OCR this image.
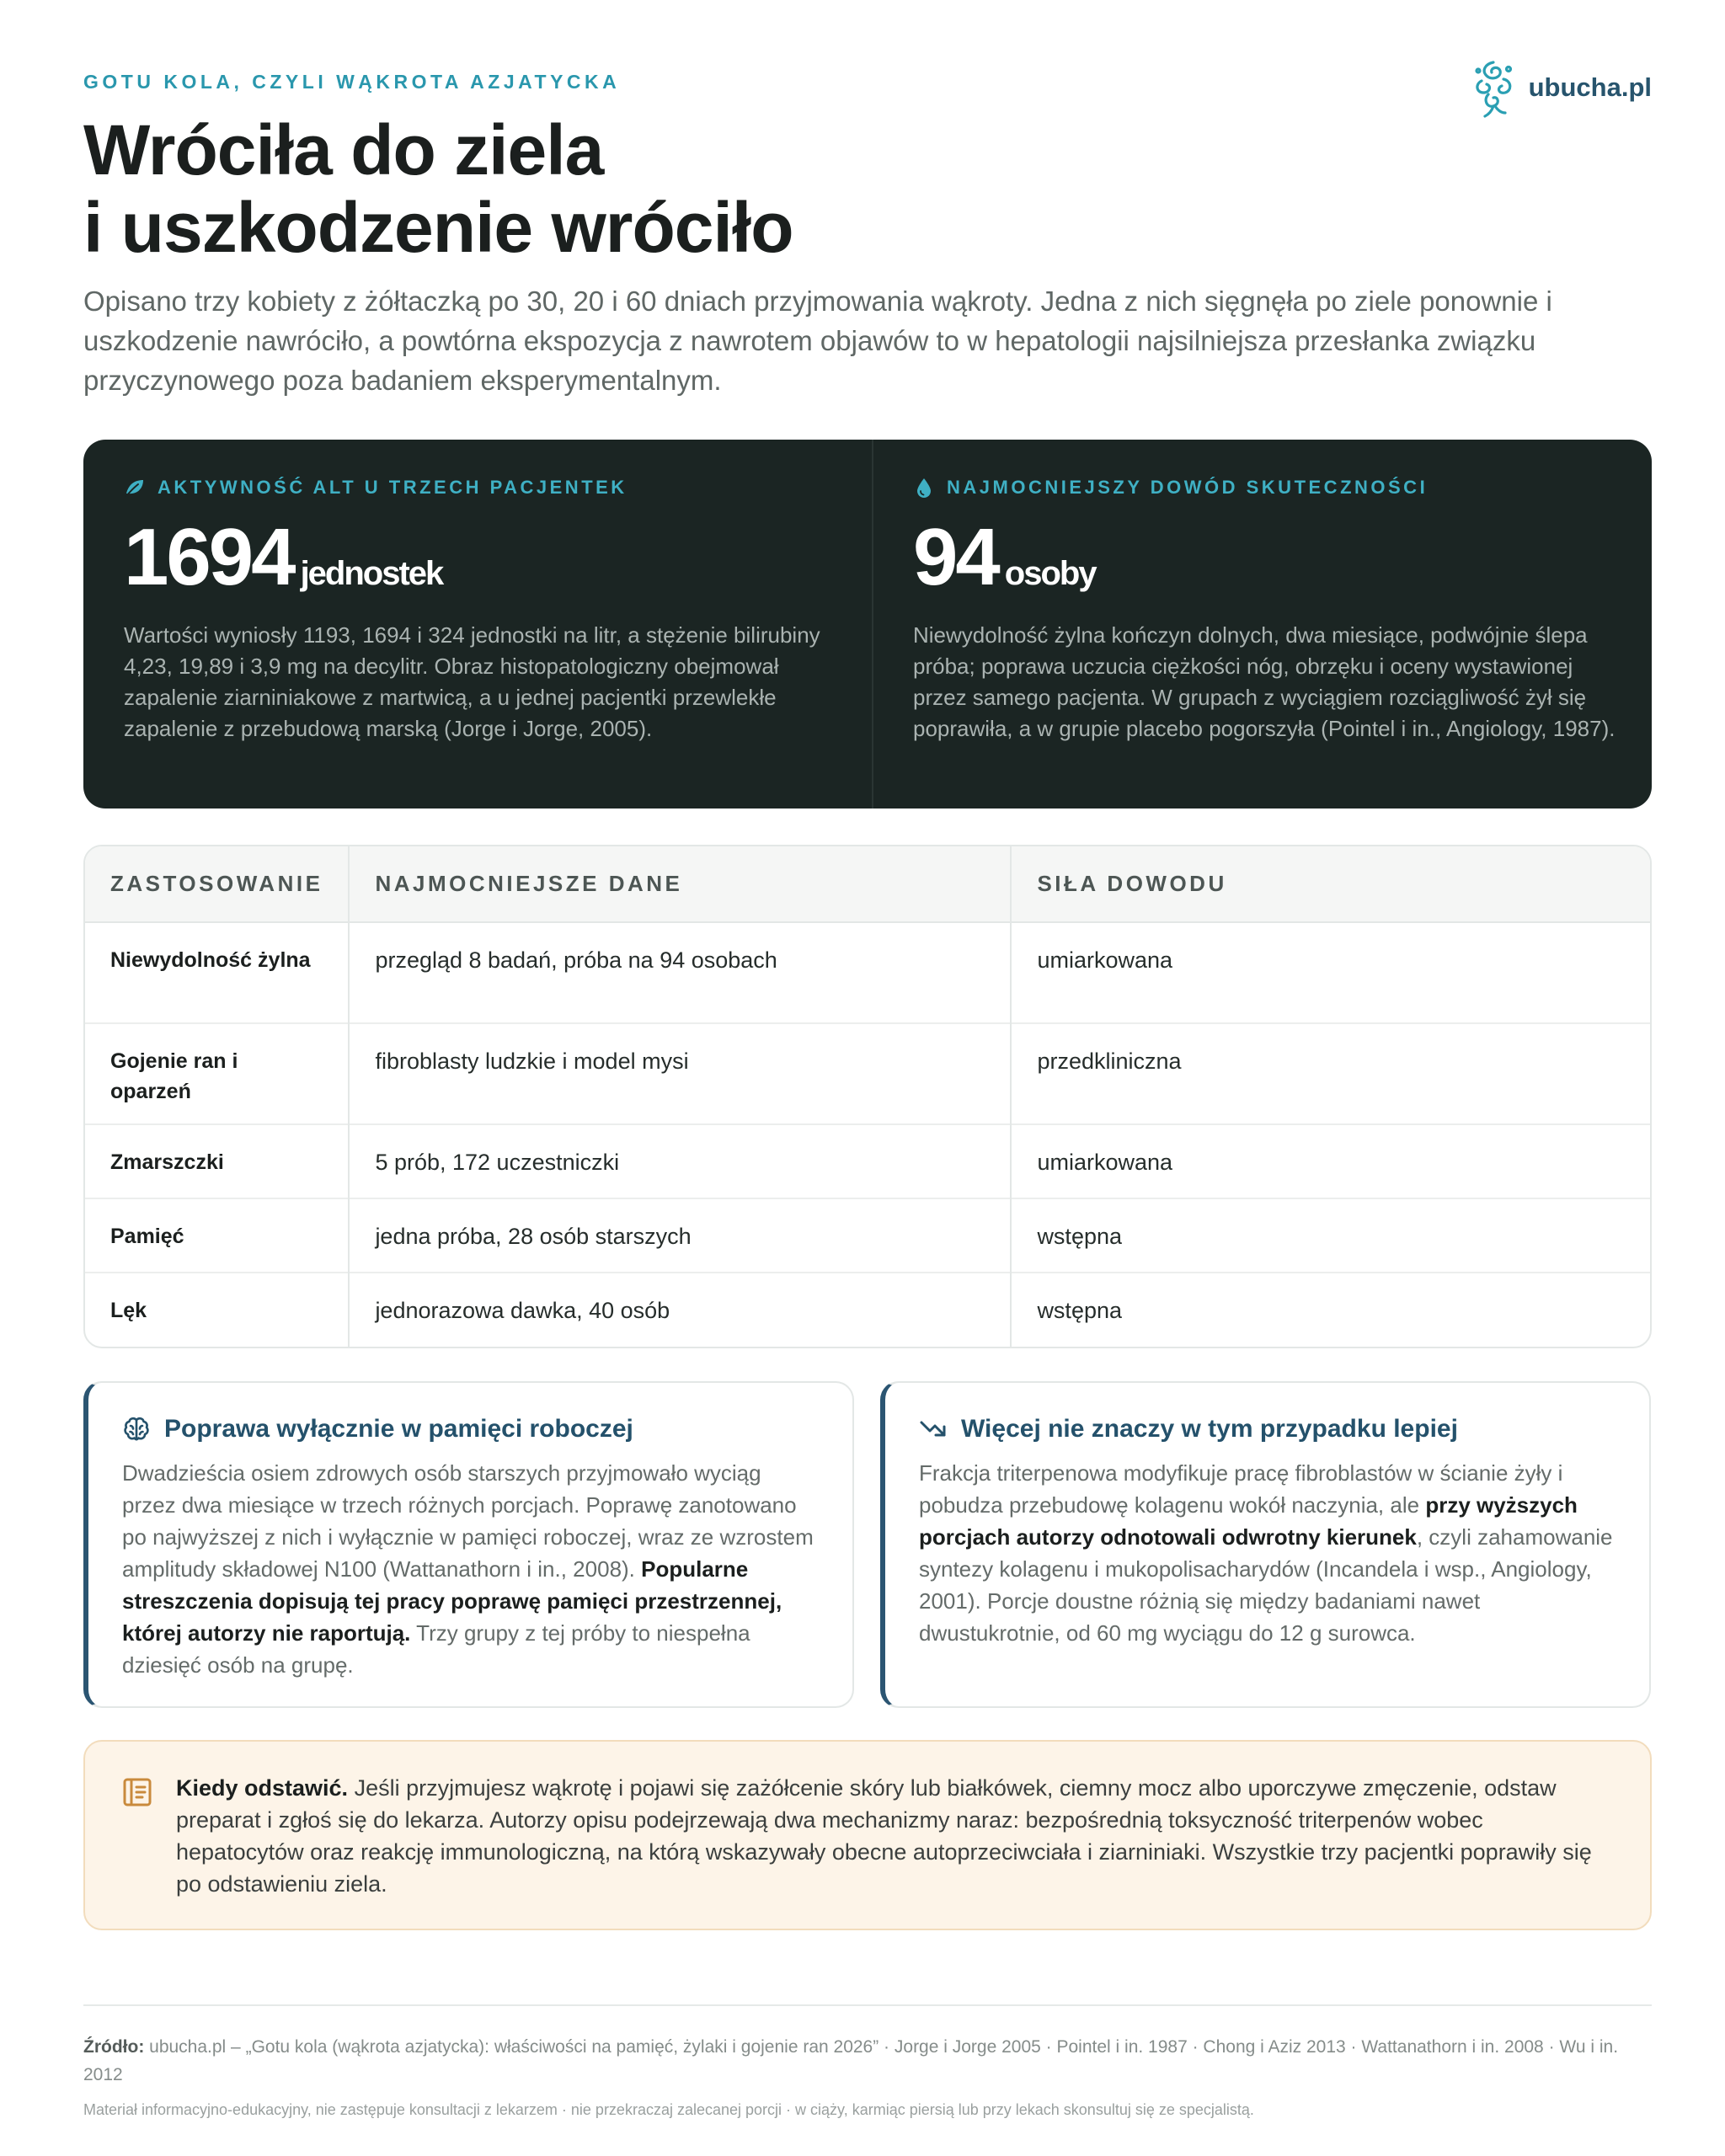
GOTU KOLA, CZYLI WĄKROTA AZJATYCKA	ubucha.pl
Wróciła do ziela
i uszkodzenie wróciło

Opisano trzy kobiety z żółtaczką po 30, 20 i 60 dniach przyjmowania wąkroty. Jedna z nich sięgnęła po ziele ponownie i uszkodzenie nawróciło, a powtórna ekspozycja z nawrotem objawów to w hepatologii najsilniejsza przesłanka związku przyczynowego poza badaniem eksperymentalnym.

AKTYWNOŚĆ ALT U TRZECH PACJENTEK
1694 jednostek

Wartości wyniosły 1193, 1694 i 324 jednostki na litr, a stężenie bilirubiny 4,23, 19,89 i 3,9 mg na decylitr. Obraz histopatologiczny obejmował zapalenie ziarniniakowe z martwicą, a u jednej pacjentki przewlekłe zapalenie z przebudową marską (Jorge i Jorge, 2005).

NAJMOCNIEJSZY DOWÓD SKUTECZNOŚCI
94 osoby

Niewydolność żylna kończyn dolnych, dwa miesiące, podwójnie ślepa próba; poprawa uczucia ciężkości nóg, obrzęku i oceny wystawionej przez samego pacjenta. W grupach z wyciągiem rozciągliwość żył się poprawiła, a w grupie placebo pogorszyła (Pointel i in., Angiology, 1987).

ZASTOSOWANIE	NAJMOCNIEJSZE DANE	SIŁA DOWODU
Niewydolność żylna	przegląd 8 badań, próba na 94 osobach	umiarkowana
Gojenie ran i oparzeń	fibroblasty ludzkie i model mysi	przedkliniczna
Zmarszczki	5 prób, 172 uczestniczki	umiarkowana
Pamięć	jedna próba, 28 osób starszych	wstępna
Lęk	jednorazowa dawka, 40 osób	wstępna
Poprawa wyłącznie w pamięci roboczej

Dwadzieścia osiem zdrowych osób starszych przyjmowało wyciąg przez dwa miesiące w trzech różnych porcjach. Poprawę zanotowano po najwyższej z nich i wyłącznie w pamięci roboczej, wraz ze wzrostem amplitudy składowej N100 (Wattanathorn i in., 2008). Popularne streszczenia dopisują tej pracy poprawę pamięci przestrzennej, której autorzy nie raportują. Trzy grupy z tej próby to niespełna dziesięć osób na grupę.

Więcej nie znaczy w tym przypadku lepiej

Frakcja triterpenowa modyfikuje pracę fibroblastów w ścianie żyły i pobudza przebudowę kolagenu wokół naczynia, ale przy wyższych porcjach autorzy odnotowali odwrotny kierunek, czyli zahamowanie syntezy kolagenu i mukopolisacharydów (Incandela i wsp., Angiology, 2001). Porcje doustne różnią się między badaniami nawet dwustukrotnie, od 60 mg wyciągu do 12 g surowca.

Kiedy odstawić. Jeśli przyjmujesz wąkrotę i pojawi się zażółcenie skóry lub białkówek, ciemny mocz albo uporczywe zmęczenie, odstaw preparat i zgłoś się do lekarza. Autorzy opisu podejrzewają dwa mechanizmy naraz: bezpośrednią toksyczność triterpenów wobec hepatocytów oraz reakcję immunologiczną, na którą wskazywały obecne autoprzeciwciała i ziarniniaki. Wszystkie trzy pacjentki poprawiły się po odstawieniu ziela.

Źródło: ubucha.pl – „Gotu kola (wąkrota azjatycka): właściwości na pamięć, żylaki i gojenie ran 2026” · Jorge i Jorge 2005 · Pointel i in. 1987 · Chong i Aziz 2013 · Wattanathorn i in. 2008 · Wu i in. 2012

Materiał informacyjno-edukacyjny, nie zastępuje konsultacji z lekarzem · nie przekraczaj zalecanej porcji · w ciąży, karmiąc piersią lub przy lekach skonsultuj się ze specjalistą.
